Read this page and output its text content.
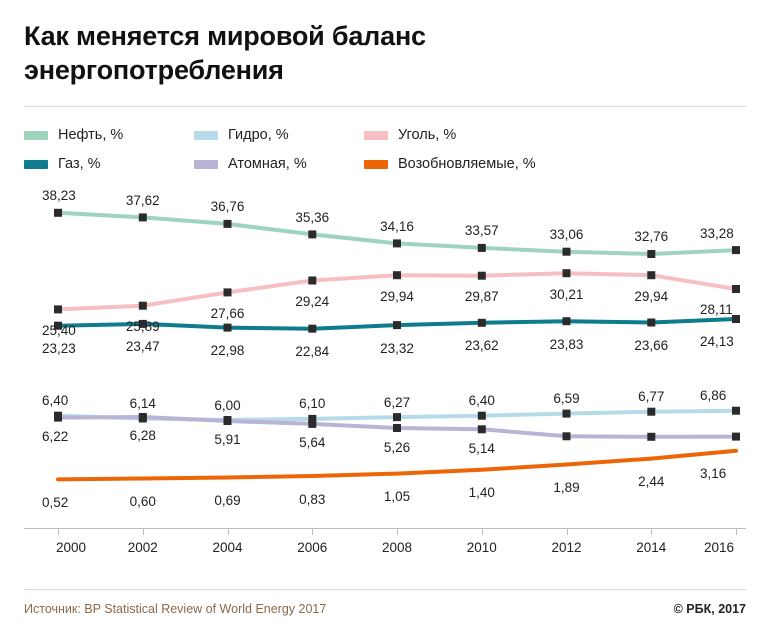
Как меняется мировой баланс энергопотребления
Нефть, %	Гидро, %	Уголь, %
Газ, %	Атомная, %	Возобновляемые, %
38,23	37,62	36,76
35,36
34,16	33,57	33,06	32,76 33,28
25,40	25,89
27,66
29,24	29,94	29,87	30,21	29,94
28,11
23,23	23,47	22,98	22,84	23,32	23,62	23,83	23,66 24,13
6,40	6,14	6,00	6,10	6,27	6,40	6,59	6,77	6,86
6,22	6,28	5,91	5,64	5,26	5,14
0,52	0,60	0,69	0,83	1,05	1,40	1,89	2,44
3,16
2000	2002	2004	2006	2008	2010	2012	2014	2016
Источник: BP Statistical Review of World Energy 2017	© РБК, 2017
